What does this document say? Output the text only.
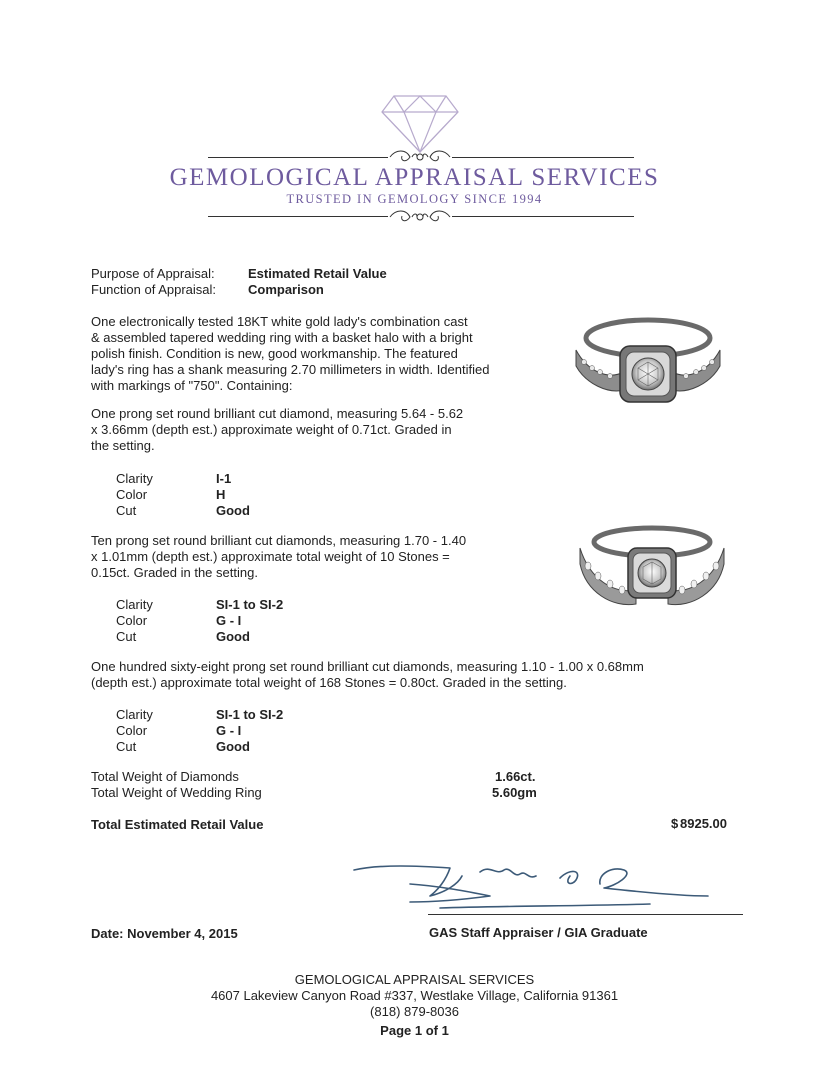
GEMOLOGICAL APPRAISAL SERVICES
TRUSTED IN GEMOLOGY SINCE 1994
Purpose of Appraisal:	Estimated Retail Value
Function of Appraisal: Comparison
One electronically tested 18KT white gold lady's combination cast
& assembled tapered wedding ring with a basket halo with a bright
polish finish. Condition is new, good workmanship. The featured
lady's ring has a shank measuring 2.70 millimeters in width. Identified
with markings of "750". Containing:
One prong set round brilliant cut diamond, measuring 5.64 - 5.62
x 3.66mm (depth est.) approximate weight of 0.71ct. Graded in
the setting.
Clarity	I-1
Color	H
Cut	Good
Ten prong set round brilliant cut diamonds, measuring 1.70 - 1.40
x 1.01mm (depth est.) approximate total weight of 10 Stones =
0.15ct. Graded in the setting.
Clarity	SI-1 to SI-2
Color	G - I
Cut	Good
One hundred sixty-eight prong set round brilliant cut diamonds, measuring 1.10 - 1.00 x 0.68mm
(depth est.) approximate total weight of 168 Stones = 0.80ct. Graded in the setting.
Clarity	SI-1 to SI-2
Color	G - I
Cut	Good
Total Weight of Diamonds	1.66ct.
Total Weight of Wedding Ring	5.60gm
Total Estimated Retail Value	$ 8925.00
Date: November 4, 2015	GAS Staff Appraiser / GIA Graduate
GEMOLOGICAL APPRAISAL SERVICES
4607 Lakeview Canyon Road #337, Westlake Village, California 91361
(818) 879-8036
Page 1 of 1
